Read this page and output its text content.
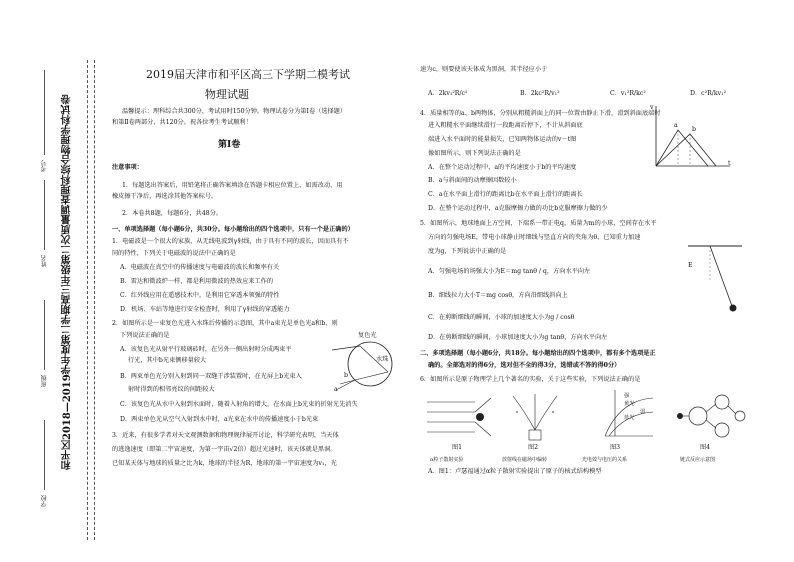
和平区2018—2019学年度第二学期高三年级第二次质量调查理科综合物理学科试卷
学校
班级
姓名
考号
2019届天津市和平区高三下学期二模考试
物理试题
温馨提示：理科综合共300分，考试用时150分钟。物理试卷分为第Ⅰ卷（选择题）
和第Ⅱ卷两部分，共120分。祝各位考生考试顺利！
第Ⅰ卷
注意事项：
1．每题选出答案后，用铅笔将正确答案填涂在答题卡相应位置上，如需改动，用
橡皮擦干净后，再选涂其他答案标号。
2．本卷共8题，每题6分，共48分。
一、单项选择题（每小题6分，共30分。每小题给出的四个选项中，只有一个是正确的）
1．电磁波是一个很大的家族，从无线电波到γ射线，由于具有不同的波长，因而具有不
同的特性，下列关于电磁波的说法中正确的是
A．电磁波在真空中的传播速度与电磁波的波长和频率有关
B．雷达和微波炉一样，都是利用微波的热效应来工作的
C．红外线应用在遥感技术中，是利用它穿透本领强的特性
D．机场、车站等地进行安全检查时，利用了γ射线的穿透能力
2．如图所示是一束复色光进入水珠后传播的示意图，其中a束光是单色光a和b，则
下列说法正确的是
A．该复色光从射平行玻璃砖时，在另外一侧出射时分成两束平
行光，其中b光束侧移量较大
B．两束单色光分别入射到同一双缝干涉装置时，在光屏上b光束入
射时得到的相邻亮纹的间距较大
C．该复色光从水中入射到水面时，随着入射角的增大，在水面上b光束的折射光先消失
D．两束单色光从空气入射到水中时，a光束在水中的传播速度小于b光束
复色光
水珠
a
b
3．近来，有很多学者对天文观测数据和物理规律展开讨论，科学研究表明，当天体
的逃逸速度（即第二宇宙速度，为第一宇宙√2倍）超过光速时，该天体就是黑洞。
已知某天体与地球的质量之比为k，地球的半径为R，地球的第一宇宙速度为v₁，光
速为c，则要使该天体成为黑洞，其半径应小于
A．2kv₁²R/c²	B．2kc²R/v₁²	C．v₁²R/kc²	D．c²R/kv₁²
4．质量相等的a、b两物体，分别从粗糙斜面上的同一位置由静止下滑，滑到斜面底端时
进入粗糙水平面继续滑行一段距离后停下，不计从斜面底
端进入水平面时的能量损失，已知两物体运动的v－t图
像如图所示，则下列说法正确的是
A．在整个运动过程中，a的平均速度小于b的平均速度
B．a与斜面间的动摩擦因数较小
C．a在水平面上滑行的距离比b在水平面上滑行的距离长
D．在整个运动过程中，a克服摩擦力做的功比b克服摩擦力做的少
v
t
a
b
5．如图所示，地球地面上方空间，下端系一带正电q，质量为m的小球，空间存在水平
方向的匀强电场E，带电小球静止时细线与竖直方向的夹角为θ，已知重力加速
度为g，下列说法中正确的是
A．匀强电场的场强大小为E＝mg tanθ / q，方向水平向左
B．细线拉力大小T＝mg cosθ，方向沿细线斜向上
C．在剪断细线的瞬间，小球的加速度大小为g / cosθ
D．在剪断细线的瞬间，小球加速度大小为g tanθ，方向水平向左
E
二、多项选择题（每小题6分，共18分。每小题给出的四个选项中，都有多个选项是正
确的。全部选对的得6分，选对但不全的得3分，选错或不答的得0分）
6．如图所示是原子物理学上几个著名的实验，关于这些实验，下列说法正确的是
强
黄光
弱
蓝光
图1	图2	图3	图4
α粒子散射实验	放射线在磁场中偏转	光电效与电压的关系	链式反应示意图
A．图1：卢瑟福通过α粒子散射实验提出了原子的核式结构模型
